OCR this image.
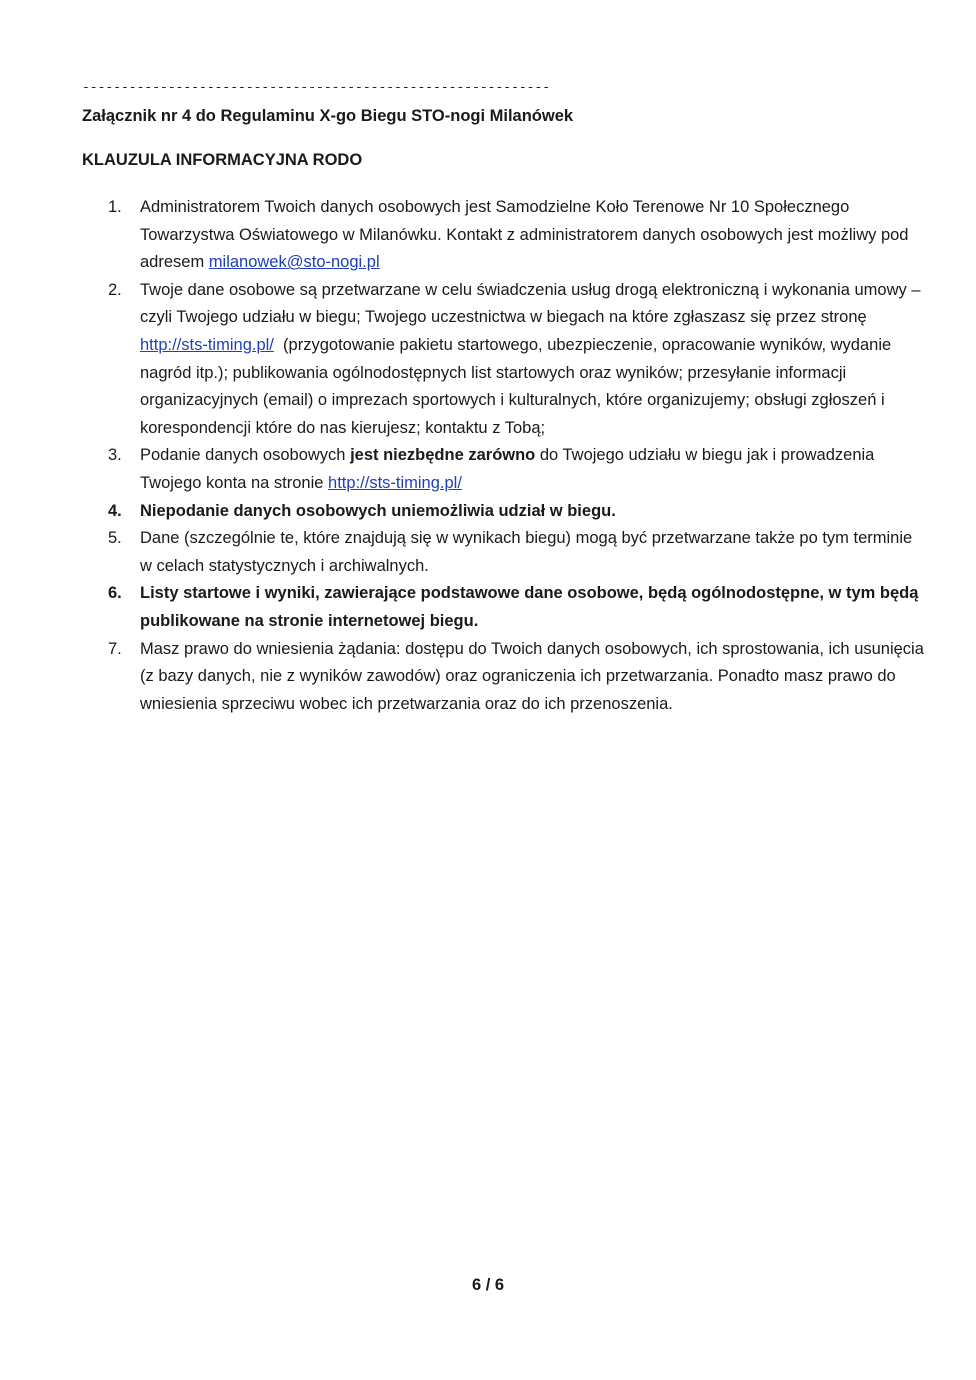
------------------------------------------------------------
Załącznik nr 4 do Regulaminu X-go Biegu STO-nogi Milanówek
KLAUZULA INFORMACYJNA RODO
1.	Administratorem Twoich danych osobowych jest Samodzielne Koło Terenowe Nr 10 Społecznego Towarzystwa Oświatowego w Milanówku. Kontakt z administratorem danych osobowych jest możliwy pod adresem milanowek@sto-nogi.pl
2.	Twoje dane osobowe są przetwarzane w celu świadczenia usług drogą elektroniczną i wykonania umowy – czyli Twojego udziału w biegu; Twojego uczestnictwa w biegach na które zgłaszasz się przez stronę http://sts-timing.pl/  (przygotowanie pakietu startowego, ubezpieczenie, opracowanie wyników, wydanie nagród itp.); publikowania ogólnodostępnych list startowych oraz wyników; przesyłanie informacji organizacyjnych (email) o imprezach sportowych i kulturalnych, które organizujemy; obsługi zgłoszeń i korespondencji które do nas kierujesz; kontaktu z Tobą;
3.	Podanie danych osobowych jest niezbędne zarówno do Twojego udziału w biegu jak i prowadzenia Twojego konta na stronie http://sts-timing.pl/
4.	Niepodanie danych osobowych uniemożliwia udział w biegu.
5.	Dane (szczególnie te, które znajdują się w wynikach biegu) mogą być przetwarzane także po tym terminie w celach statystycznych i archiwalnych.
6.	Listy startowe i wyniki, zawierające podstawowe dane osobowe, będą ogólnodostępne, w tym będą publikowane na stronie internetowej biegu.
7.	Masz prawo do wniesienia żądania: dostępu do Twoich danych osobowych, ich sprostowania, ich usunięcia (z bazy danych, nie z wyników zawodów) oraz ograniczenia ich przetwarzania. Ponadto masz prawo do wniesienia sprzeciwu wobec ich przetwarzania oraz do ich przenoszenia.
6 / 6
